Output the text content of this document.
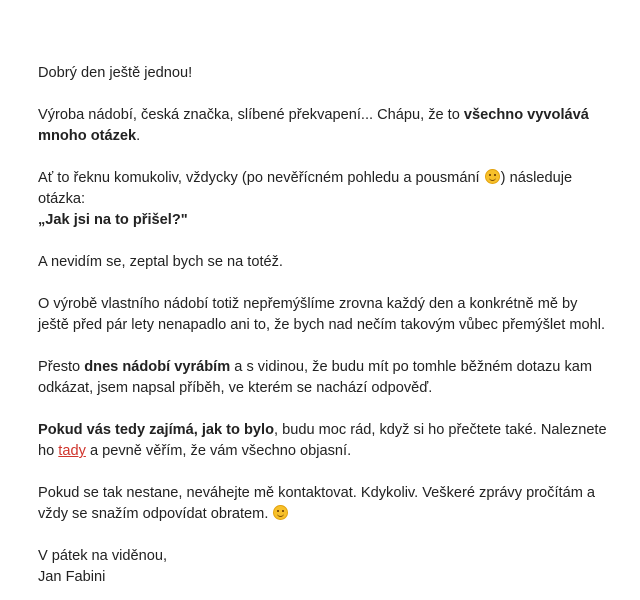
Dobrý den ještě jednou!

Výroba nádobí, česká značka, slíbené překvapení... Chápu, že to všechno vyvolává mnoho otázek.

Ať to řeknu komukoliv, vždycky (po nevěřícném pohledu a pousmání ) následuje otázka:
„Jak jsi na to přišel?"

A nevidím se, zeptal bych se na totéž.

O výrobě vlastního nádobí totiž nepřemýšlíme zrovna každý den a konkrétně mě by ještě před pár lety nenapadlo ani to, že bych nad nečím takovým vůbec přemýšlet mohl.

Přesto dnes nádobí vyrábím a s vidinou, že budu mít po tomhle běžném dotazu kam odkázat, jsem napsal příběh, ve kterém se nachází odpověď.

Pokud vás tedy zajímá, jak to bylo, budu moc rád, když si ho přečtete také. Naleznete ho tady a pevně věřím, že vám všechno objasní.

Pokud se tak nestane, neváhejte mě kontaktovat. Kdykoliv. Veškeré zprávy pročítám a vždy se snažím odpovídat obratem.

V pátek na viděnou,
Jan Fabini
